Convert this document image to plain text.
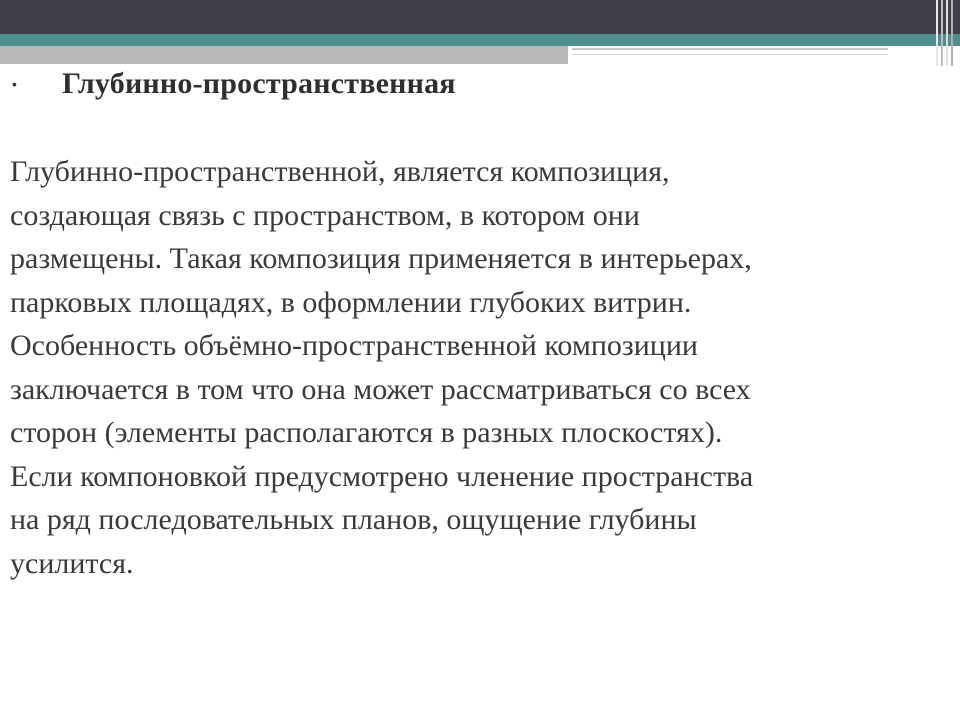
•	Глубинно-пространственная
Глубинно-пространственной, является композиция,
создающая связь с пространством, в котором они
размещены. Такая композиция применяется в интерьерах,
парковых площадях, в оформлении глубоких витрин.
Особенность объёмно-пространственной композиции
заключается в том что она может рассматриваться со всех
сторон (элементы располагаются в разных плоскостях).
Если компоновкой предусмотрено членение пространства
на ряд последовательных планов, ощущение глубины
усилится.
